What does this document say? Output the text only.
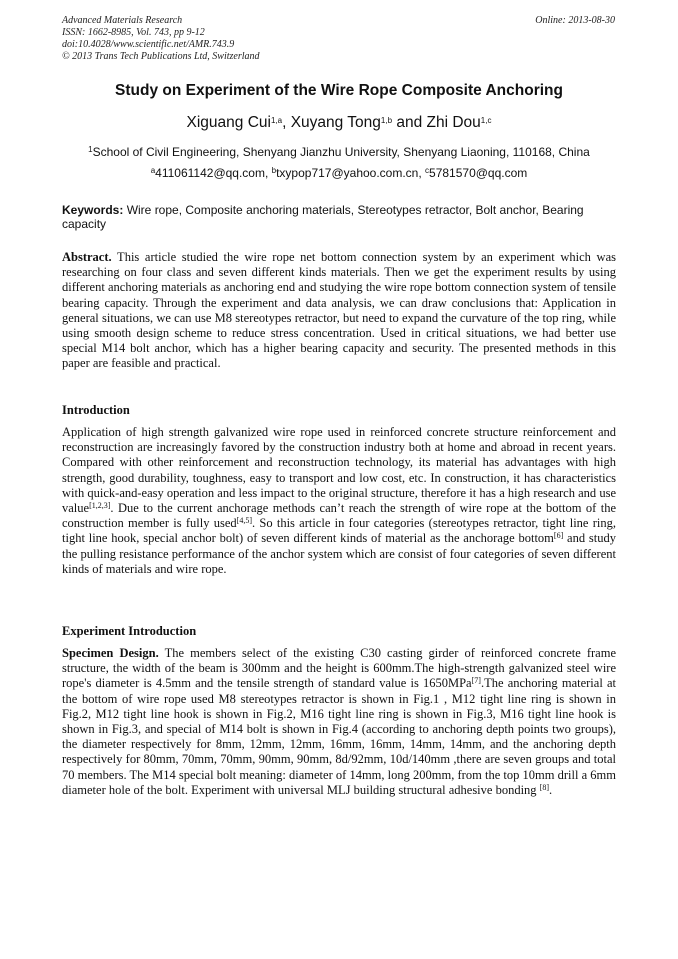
Advanced Materials Research
ISSN: 1662-8985, Vol. 743, pp 9-12
doi:10.4028/www.scientific.net/AMR.743.9
© 2013 Trans Tech Publications Ltd, Switzerland
Online: 2013-08-30
Study on Experiment of the Wire Rope Composite Anchoring
Xiguang Cui$^{1,a}$, Xuyang Tong$^{1,b}$ and Zhi Dou$^{1,c}$
$^1$School of Civil Engineering, Shenyang Jianzhu University, Shenyang Liaoning, 110168, China
$^a$411061142@qq.com, $^b$txypop717@yahoo.com.cn, $^c$5781570@qq.com
Keywords: Wire rope, Composite anchoring materials, Stereotypes retractor, Bolt anchor, Bearing capacity
Abstract. This article studied the wire rope net bottom connection system by an experiment which was researching on four class and seven different kinds materials. Then we get the experiment results by using different anchoring materials as anchoring end and studying the wire rope bottom connection system of tensile bearing capacity. Through the experiment and data analysis, we can draw conclusions that: Application in general situations, we can use M8 stereotypes retractor, but need to expand the curvature of the top ring, while using smooth design scheme to reduce stress concentration. Used in critical situations, we had better use special M14 bolt anchor, which has a higher bearing capacity and security. The presented methods in this paper are feasible and practical.
Introduction
Application of high strength galvanized wire rope used in reinforced concrete structure reinforcement and reconstruction are increasingly favored by the construction industry both at home and abroad in recent years. Compared with other reinforcement and reconstruction technology, its material has advantages with high strength, good durability, toughness, easy to transport and low cost, etc. In construction, it has characteristics with quick-and-easy operation and less impact to the original structure, therefore it has a high research and use value[1,2,3]. Due to the current anchorage methods can’t reach the strength of wire rope at the bottom of the construction member is fully used[4,5]. So this article in four categories (stereotypes retractor, tight line ring, tight line hook, special anchor bolt) of seven different kinds of material as the anchorage bottom[6] and study the pulling resistance performance of the anchor system which are consist of four categories of seven different kinds of materials and wire rope.
Experiment Introduction
Specimen Design. The members select of the existing C30 casting girder of reinforced concrete frame structure, the width of the beam is 300mm and the height is 600mm.The high-strength galvanized steel wire rope's diameter is 4.5mm and the tensile strength of standard value is 1650MPa[7].The anchoring material at the bottom of wire rope used M8 stereotypes retractor is shown in Fig.1 , M12 tight line ring is shown in Fig.2, M12 tight line hook is shown in Fig.2, M16 tight line ring is shown in Fig.3, M16 tight line hook is shown in Fig.3, and special of M14 bolt is shown in Fig.4 (according to anchoring depth points two groups), the diameter respectively for 8mm, 12mm, 12mm, 16mm, 16mm, 14mm, 14mm, and the anchoring depth respectively for 80mm, 70mm, 70mm, 90mm, 90mm, 8d/92mm, 10d/140mm ,there are seven groups and total 70 members. The M14 special bolt meaning: diameter of 14mm, long 200mm, from the top 10mm drill a 6mm diameter hole of the bolt. Experiment with universal MLJ building structural adhesive bonding [8].
